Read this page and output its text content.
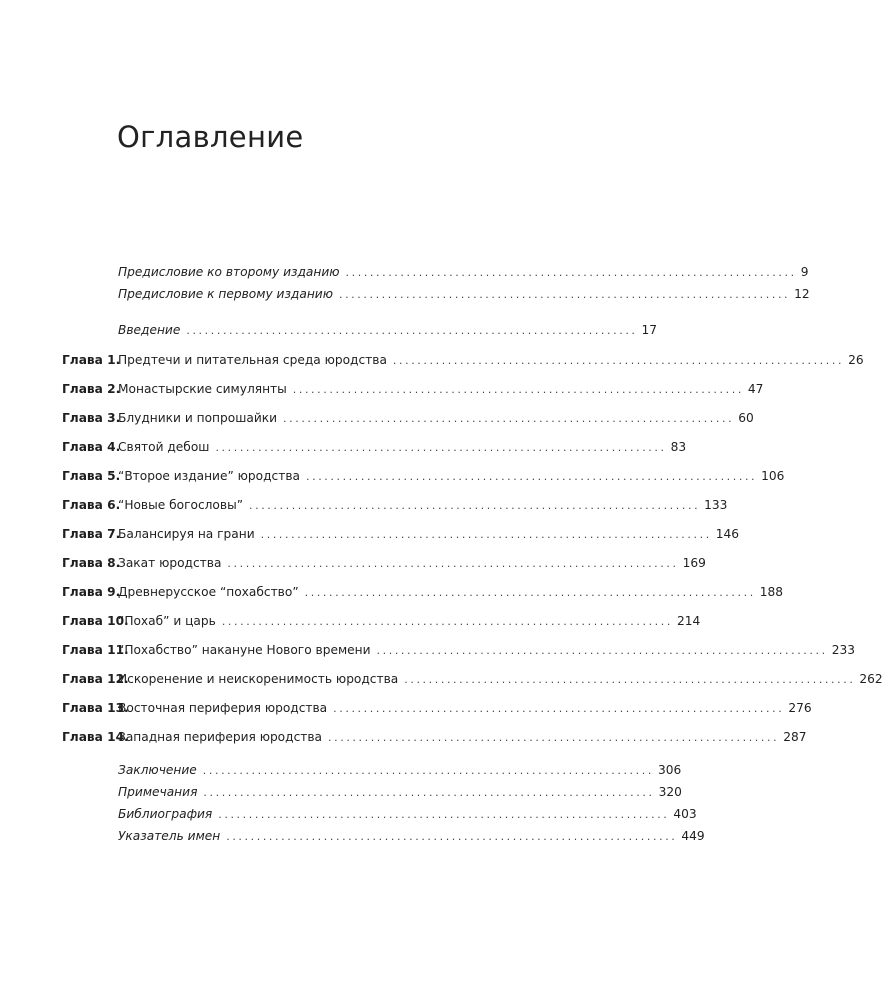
Оглавление
Предисловие ко второму изданию .......................................................................... 9
Предисловие к первому изданию .......................................................................... 12
Введение .......................................................................... 17
Глава 1.
Предтечи и питательная среда юродства .......................................................................... 26
Глава 2.
Монастырские симулянты .......................................................................... 47
Глава 3.
Блудники и попрошайки .......................................................................... 60
Глава 4.
Святой дебош .......................................................................... 83
Глава 5.
“Второе издание” юродства .......................................................................... 106
Глава 6.
“Новые богословы” .......................................................................... 133
Глава 7.
Балансируя на грани .......................................................................... 146
Глава 8.
Закат юродства .......................................................................... 169
Глава 9.
Древнерусское “похабство” .......................................................................... 188
Глава 10.
“Похаб” и царь .......................................................................... 214
Глава 11.
“Похабство” накануне Нового времени .......................................................................... 233
Глава 12.
Искоренение и неискоренимость юродства .......................................................................... 262
Глава 13.
Восточная периферия юродства .......................................................................... 276
Глава 14.
Западная периферия юродства .......................................................................... 287
Заключение .......................................................................... 306
Примечания .......................................................................... 320
Библиография .......................................................................... 403
Указатель имен .......................................................................... 449
